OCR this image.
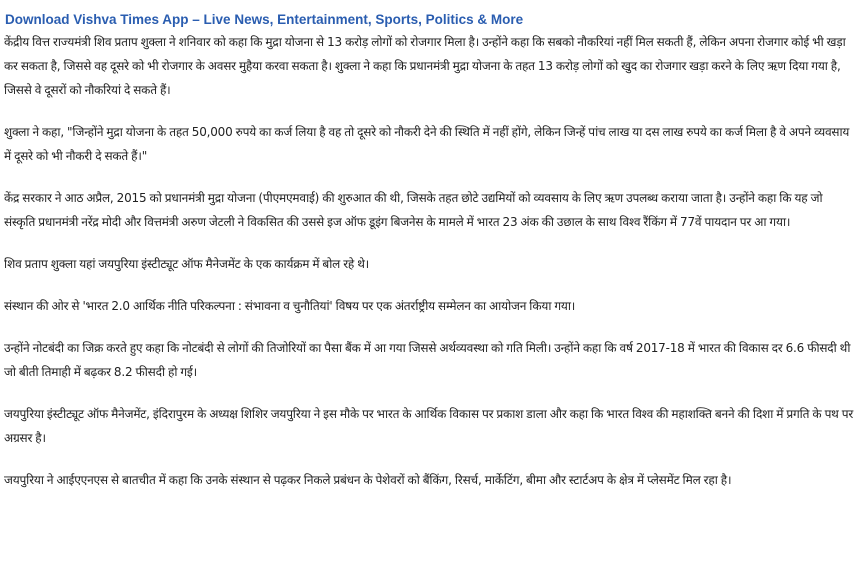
Download Vishva Times App – Live News, Entertainment, Sports, Politics & More

केंद्रीय वित्त राज्यमंत्री शिव प्रताप शुक्ला ने शनिवार को कहा कि मुद्रा योजना से 13 करोड़ लोगों को रोजगार मिला है। उन्होंने कहा कि सबको नौकरियां नहीं मिल सकती हैं, लेकिन अपना रोजगार कोई भी खड़ा कर सकता है, जिससे वह दूसरे को भी रोजगार के अवसर मुहैया करवा सकता है। शुक्ला ने कहा कि प्रधानमंत्री मुद्रा योजना के तहत 13 करोड़ लोगों को खुद का रोजगार खड़ा करने के लिए ऋण दिया गया है, जिससे वे दूसरों को नौकरियां दे सकते हैं।

शुक्ला ने कहा, "जिन्होंने मुद्रा योजना के तहत 50,000 रुपये का कर्ज लिया है वह तो दूसरे को नौकरी देने की स्थिति में नहीं होंगे, लेकिन जिन्हें पांच लाख या दस लाख रुपये का कर्ज मिला है वे अपने व्यवसाय में दूसरे को भी नौकरी दे सकते हैं।"

केंद्र सरकार ने आठ अप्रैल, 2015 को प्रधानमंत्री मुद्रा योजना (पीएमएमवाई) की शुरुआत की थी, जिसके तहत छोटे उद्यमियों को व्यवसाय के लिए ऋण उपलब्ध कराया जाता है। उन्होंने कहा कि यह जो संस्कृति प्रधानमंत्री नरेंद्र मोदी और वित्तमंत्री अरुण जेटली ने विकसित की उससे इज ऑफ डूइंग बिजनेस के मामले में भारत 23 अंक की उछाल के साथ विश्व रैंकिंग में 77वें पायदान पर आ गया।

शिव प्रताप शुक्ला यहां जयपुरिया इंस्टीट्यूट ऑफ मैनेजमेंट के एक कार्यक्रम में बोल रहे थे।

संस्थान की ओर से 'भारत 2.0 आर्थिक नीति परिकल्पना : संभावना व चुनौतियां' विषय पर एक अंतर्राष्ट्रीय सम्मेलन का आयोजन किया गया।

उन्होंने नोटबंदी का जिक्र करते हुए कहा कि नोटबंदी से लोगों की तिजोरियों का पैसा बैंक में आ गया जिससे अर्थव्यवस्था को गति मिली। उन्होंने कहा कि वर्ष 2017-18 में भारत की विकास दर 6.6 फीसदी थी जो बीती तिमाही में बढ़कर 8.2 फीसदी हो गई।

जयपुरिया इंस्टीट्यूट ऑफ मैनेजमेंट, इंदिरापुरम के अध्यक्ष शिशिर जयपुरिया ने इस मौके पर भारत के आर्थिक विकास पर प्रकाश डाला और कहा कि भारत विश्व की महाशक्ति बनने की दिशा में प्रगति के पथ पर अग्रसर है।

जयपुरिया ने आईएएनएस से बातचीत में कहा कि उनके संस्थान से पढ़कर निकले प्रबंधन के पेशेवरों को बैंकिंग, रिसर्च, मार्केटिंग, बीमा और स्टार्टअप के क्षेत्र में प्लेसमेंट मिल रहा है।
